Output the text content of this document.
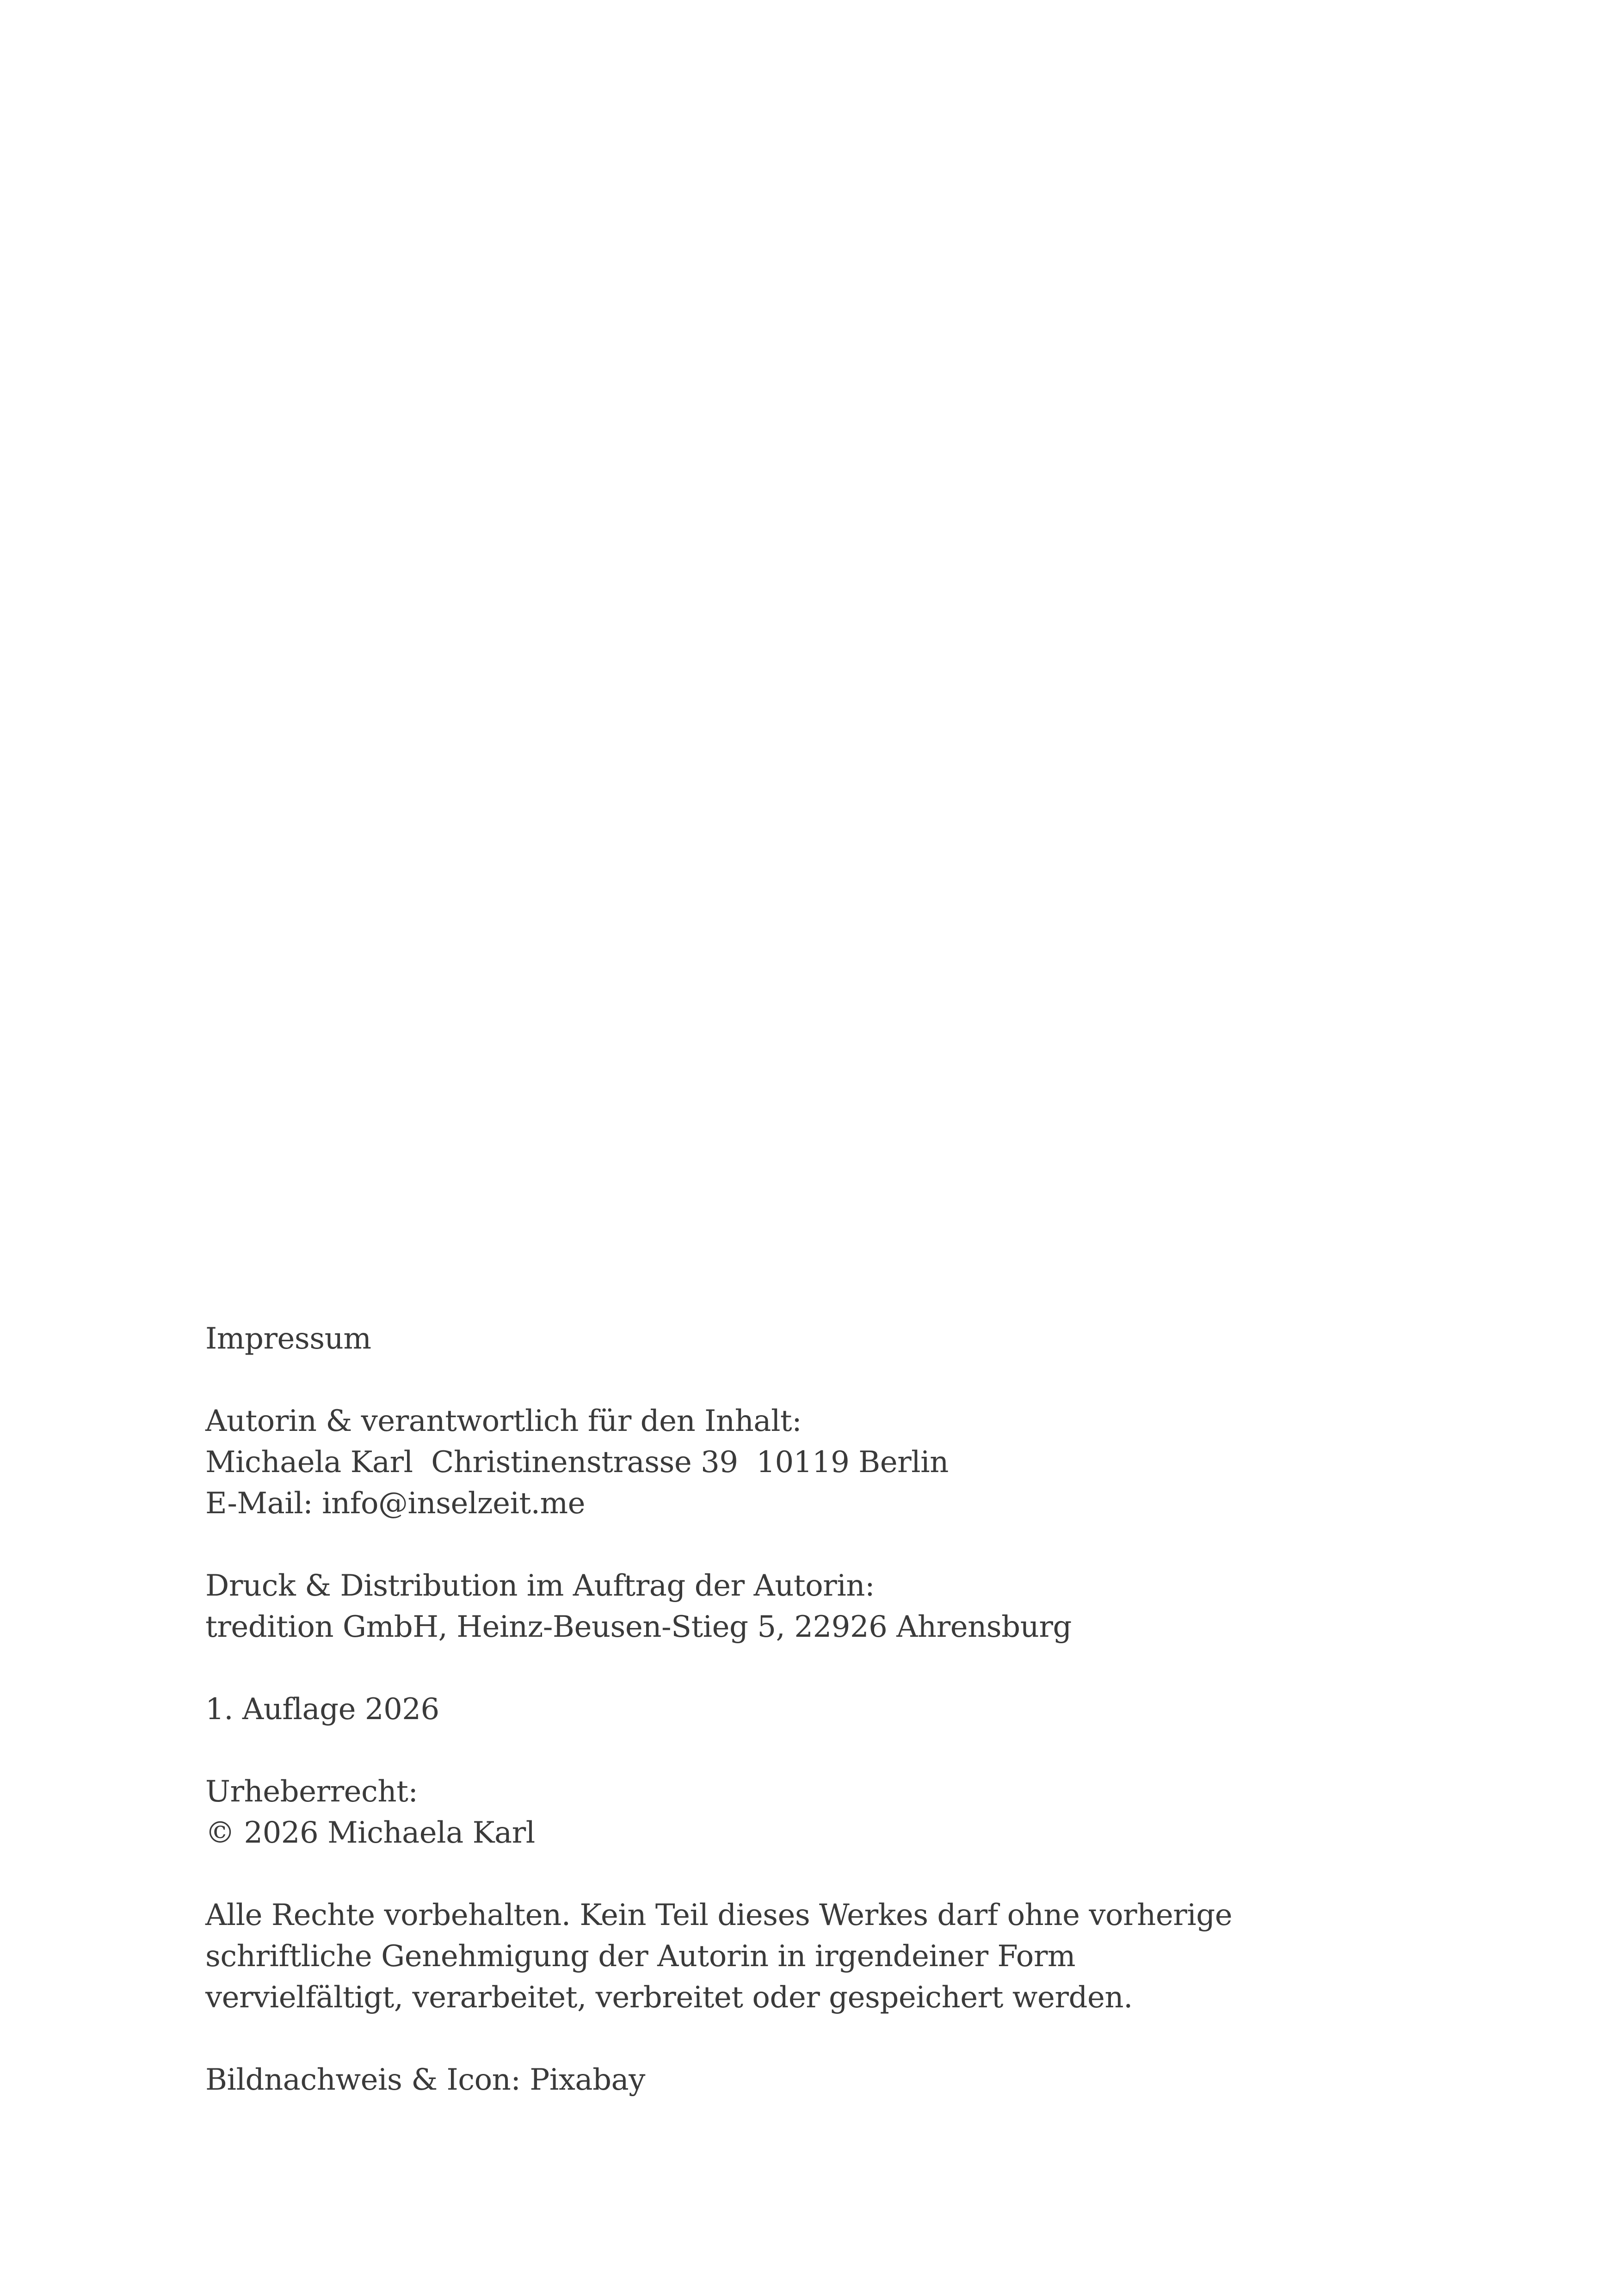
Impressum
Autorin & verantwortlich für den Inhalt:
Michaela Karl  Christinenstrasse 39  10119 Berlin
E-Mail: info@inselzeit.me
Druck & Distribution im Auftrag der Autorin:
tredition GmbH, Heinz-Beusen-Stieg 5, 22926 Ahrensburg
1. Auflage 2026
Urheberrecht:
© 2026 Michaela Karl
Alle Rechte vorbehalten. Kein Teil dieses Werkes darf ohne vorherige
schriftliche Genehmigung der Autorin in irgendeiner Form
vervielfältigt, verarbeitet, verbreitet oder gespeichert werden.
Bildnachweis & Icon: Pixabay
